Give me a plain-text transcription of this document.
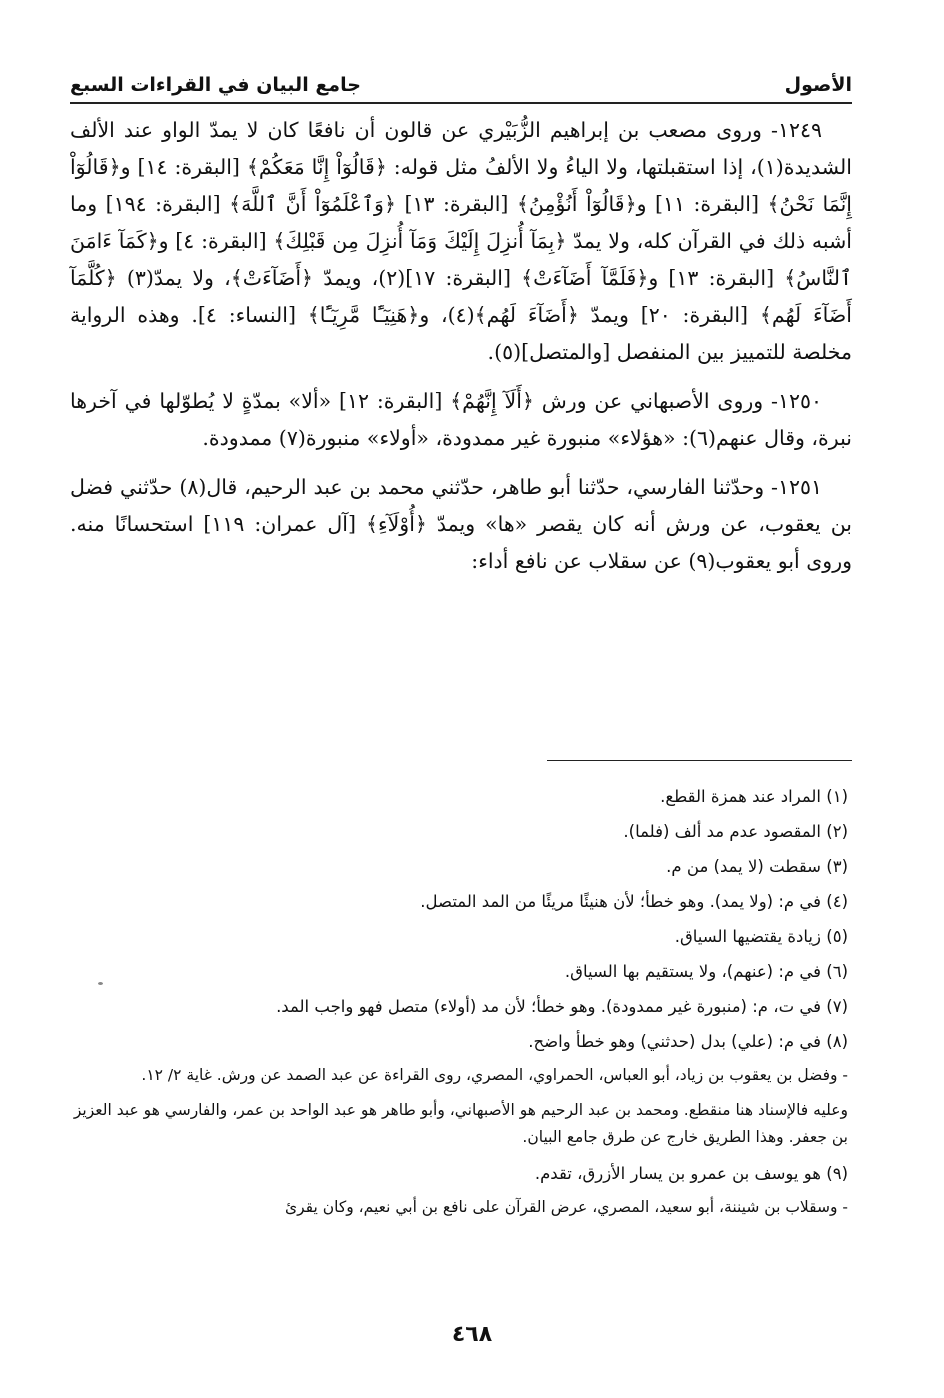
الأصول
جامع البيان في القراءات السبع

١٢٤٩- وروى مصعب بن إبراهيم الزُّبَيْري عن قالون أن نافعًا كان لا يمدّ الواو عند الألف الشديدة(١)، إذا استقبلتها، ولا الياءُ ولا الألفُ مثل قوله: ﴿قَالُوٓاْ إِنَّا مَعَكُمْ﴾ [البقرة: ١٤] و﴿قَالُوٓاْ إِنَّمَا نَحْنُ﴾ [البقرة: ١١] و﴿قَالُوٓاْ أَنُؤْمِنُ﴾ [البقرة: ١٣] ﴿وَٱعْلَمُوٓاْ أَنَّ ٱللَّهَ﴾ [البقرة: ١٩٤] وما أشبه ذلك في القرآن كله، ولا يمدّ ﴿بِمَآ أُنزِلَ إِلَيْكَ وَمَآ أُنزِلَ مِن قَبْلِكَ﴾ [البقرة: ٤] و﴿كَمَآ ءَامَنَ ٱلنَّاسُ﴾ [البقرة: ١٣] و﴿فَلَمَّآ أَضَآءَتْ﴾ [البقرة: ١٧](٢)، ويمدّ ﴿أَضَآءَتْ﴾، ولا يمدّ(٣) ﴿كُلَّمَآ أَضَآءَ لَهُم﴾ [البقرة: ٢٠] ويمدّ ﴿أَضَآءَ لَهُم﴾(٤)، و﴿هَنِيٓـًٔا مَّرِيٓـًٔا﴾ [النساء: ٤]. وهذه الرواية مخلصة للتمييز بين المنفصل [والمتصل](٥).

١٢٥٠- وروى الأصبهاني عن ورش ﴿أَلَآ إِنَّهُمْ﴾ [البقرة: ١٢] «ألا» بمدّةٍ لا يُطوّلها في آخرها نبرة، وقال عنهم(٦): «هؤلاء» منبورة غير ممدودة، «أولاء» منبورة(٧) ممدودة.

١٢٥١- وحدّثنا الفارسي، حدّثنا أبو طاهر، حدّثني محمد بن عبد الرحيم، قال(٨) حدّثني فضل بن يعقوب، عن ورش أنه كان يقصر «ها» ويمدّ ﴿أُوْلَآءِ﴾ [آل عمران: ١١٩] استحسانًا منه. وروى أبو يعقوب(٩) عن سقلاب عن نافع أداء:

(١) المراد عند همزة القطع.
(٢) المقصود عدم مد ألف (فلما).
(٣) سقطت (لا يمد) من م.
(٤) في م: (ولا يمد). وهو خطأ؛ لأن هنيئًا مريئًا من المد المتصل.
(٥) زيادة يقتضيها السياق.
(٦) في م: (عنهم)، ولا يستقيم بها السياق.
(٧) في ت، م: (منبورة غير ممدودة). وهو خطأ؛ لأن مد (أولاء) متصل فهو واجب المد.
(٨) في م: (علي) بدل (حدثني) وهو خطأ واضح.
- وفضل بن يعقوب بن زياد، أبو العباس، الحمراوي، المصري، روى القراءة عن عبد الصمد عن ورش. غاية ٢/ ١٢.
وعليه فالإسناد هنا منقطع. ومحمد بن عبد الرحيم هو الأصبهاني، وأبو طاهر هو عبد الواحد بن عمر، والفارسي هو عبد العزيز بن جعفر. وهذا الطريق خارج عن طرق جامع البيان.
(٩) هو يوسف بن عمرو بن يسار الأزرق، تقدم.
- وسقلاب بن شيننة، أبو سعيد، المصري، عرض القرآن على نافع بن أبي نعيم، وكان يقرئ
٤٦٨
